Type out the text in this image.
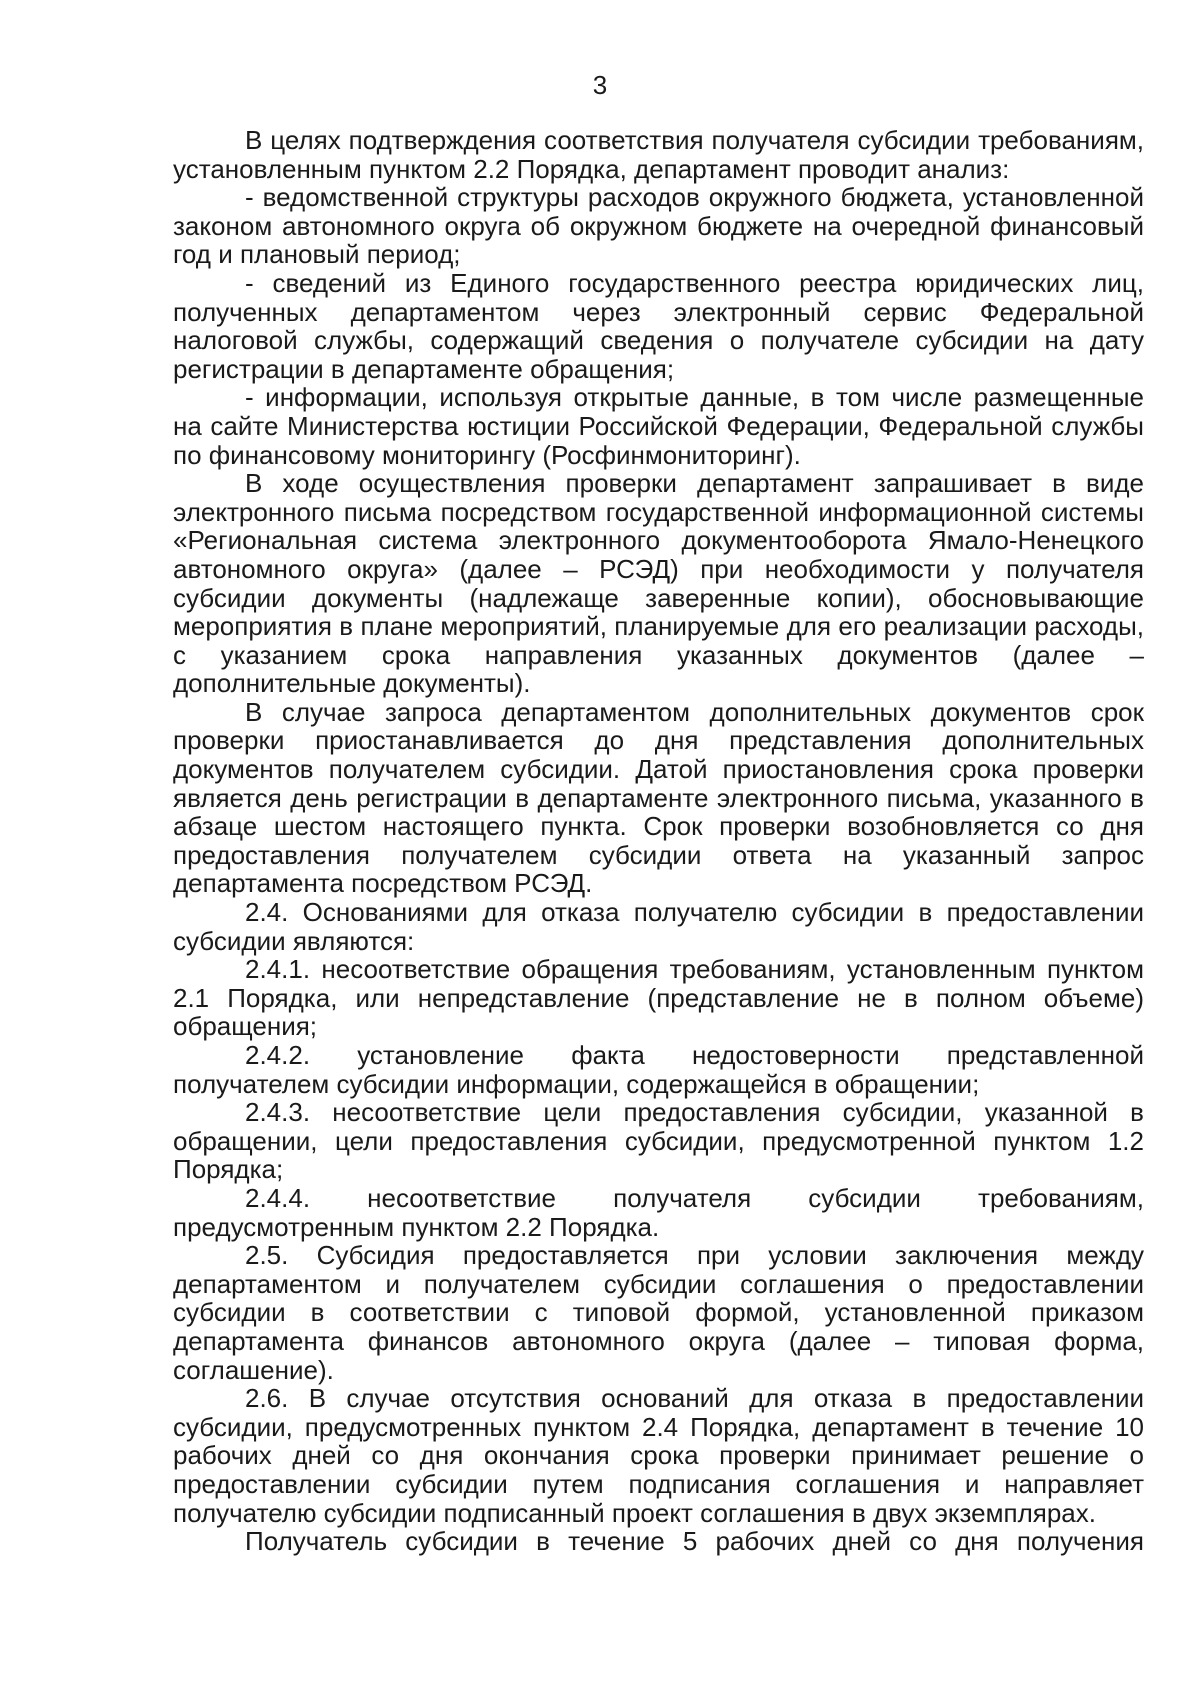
3

В целях подтверждения соответствия получателя субсидии требованиям, установленным пунктом 2.2 Порядка, департамент проводит анализ:

- ведомственной структуры расходов окружного бюджета, установленной законом автономного округа об окружном бюджете на очередной финансовый год и плановый период;

- сведений из Единого государственного реестра юридических лиц, полученных департаментом через электронный сервис Федеральной налоговой службы, содержащий сведения о получателе субсидии на дату регистрации в департаменте обращения;

- информации, используя открытые данные, в том числе размещенные на сайте Министерства юстиции Российской Федерации, Федеральной службы по финансовому мониторингу (Росфинмониторинг).

В ходе осуществления проверки департамент запрашивает в виде электронного письма посредством государственной информационной системы «Региональная система электронного документооборота Ямало-Ненецкого автономного округа» (далее – РСЭД) при необходимости у получателя субсидии документы (надлежаще заверенные копии), обосновывающие мероприятия в плане мероприятий, планируемые для его реализации расходы, с указанием срока направления указанных документов (далее – дополнительные документы).

В случае запроса департаментом дополнительных документов срок проверки приостанавливается до дня представления дополнительных документов получателем субсидии. Датой приостановления срока проверки является день регистрации в департаменте электронного письма, указанного в абзаце шестом настоящего пункта. Срок проверки возобновляется со дня предоставления получателем субсидии ответа на указанный запрос департамента посредством РСЭД.

2.4. Основаниями для отказа получателю субсидии в предоставлении субсидии являются:

2.4.1. несоответствие обращения требованиям, установленным пунктом 2.1 Порядка, или непредставление (представление не в полном объеме) обращения;

2.4.2. установление факта недостоверности представленной получателем субсидии информации, содержащейся в обращении;

2.4.3. несоответствие цели предоставления субсидии, указанной в обращении, цели предоставления субсидии, предусмотренной пунктом 1.2 Порядка;

2.4.4. несоответствие получателя субсидии требованиям, предусмотренным пунктом 2.2 Порядка.

2.5. Субсидия предоставляется при условии заключения между департаментом и получателем субсидии соглашения о предоставлении субсидии в соответствии с типовой формой, установленной приказом департамента финансов автономного округа (далее – типовая форма, соглашение).

2.6. В случае отсутствия оснований для отказа в предоставлении субсидии, предусмотренных пунктом 2.4 Порядка, департамент в течение 10 рабочих дней со дня окончания срока проверки принимает решение о предоставлении субсидии путем подписания соглашения и направляет получателю субсидии подписанный проект соглашения в двух экземплярах.

Получатель субсидии в течение 5 рабочих дней со дня получения
